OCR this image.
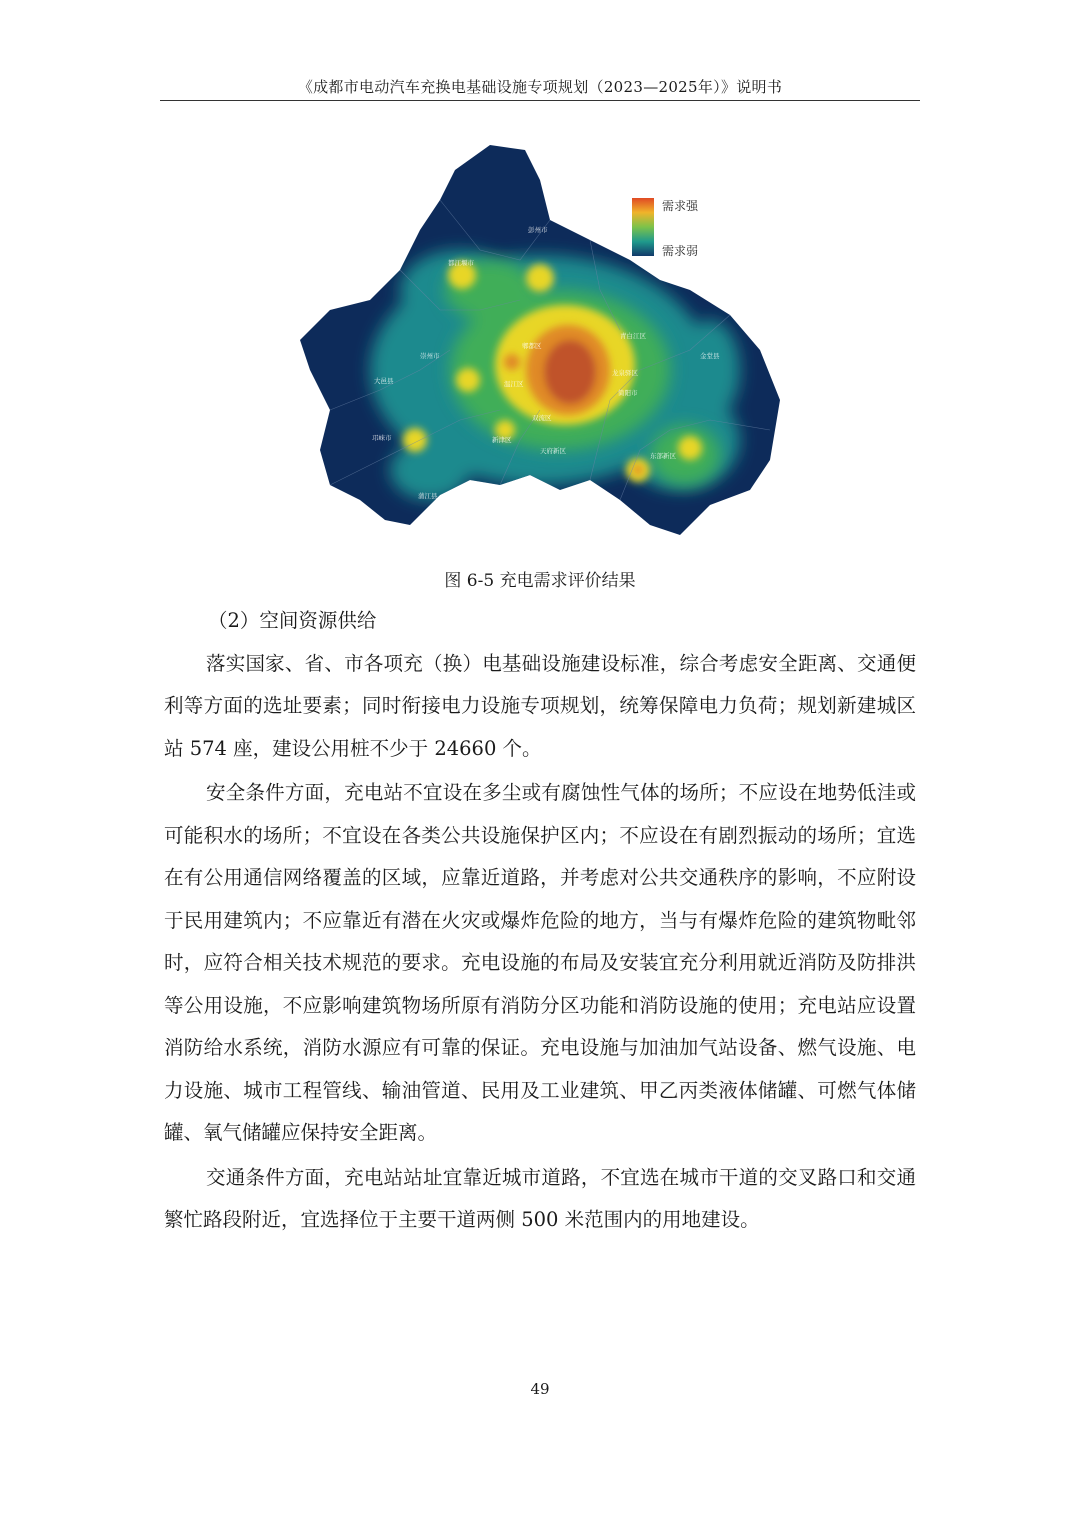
《成都市电动汽车充换电基础设施专项规划（2023—2025年）》说明书
彭州市
都江堰市
崇州市
大邑县
邛崃市
蒲江县
新津区
双流区
天府新区
简阳市
龙泉驿区
青白江区
金堂县
东部新区
郫都区
温江区
需求强
需求弱
图 6-5 充电需求评价结果

（2）空间资源供给

落实国家、省、市各项充（换）电基础设施建设标准，综合考虑安全距离、交通便利等方面的选址要素；同时衔接电力设施专项规划，统筹保障电力负荷；规划新建城区站 574 座，建设公用桩不少于 24660 个。

安全条件方面，充电站不宜设在多尘或有腐蚀性气体的场所；不应设在地势低洼或可能积水的场所；不宜设在各类公共设施保护区内；不应设在有剧烈振动的场所；宜选在有公用通信网络覆盖的区域，应靠近道路，并考虑对公共交通秩序的影响，不应附设于民用建筑内；不应靠近有潜在火灾或爆炸危险的地方，当与有爆炸危险的建筑物毗邻时，应符合相关技术规范的要求。充电设施的布局及安装宜充分利用就近消防及防排洪等公用设施，不应影响建筑物场所原有消防分区功能和消防设施的使用；充电站应设置消防给水系统，消防水源应有可靠的保证。充电设施与加油加气站设备、燃气设施、电力设施、城市工程管线、输油管道、民用及工业建筑、甲乙丙类液体储罐、可燃气体储罐、氧气储罐应保持安全距离。

交通条件方面，充电站站址宜靠近城市道路，不宜选在城市干道的交叉路口和交通繁忙路段附近，宜选择位于主要干道两侧 500 米范围内的用地建设。

49
